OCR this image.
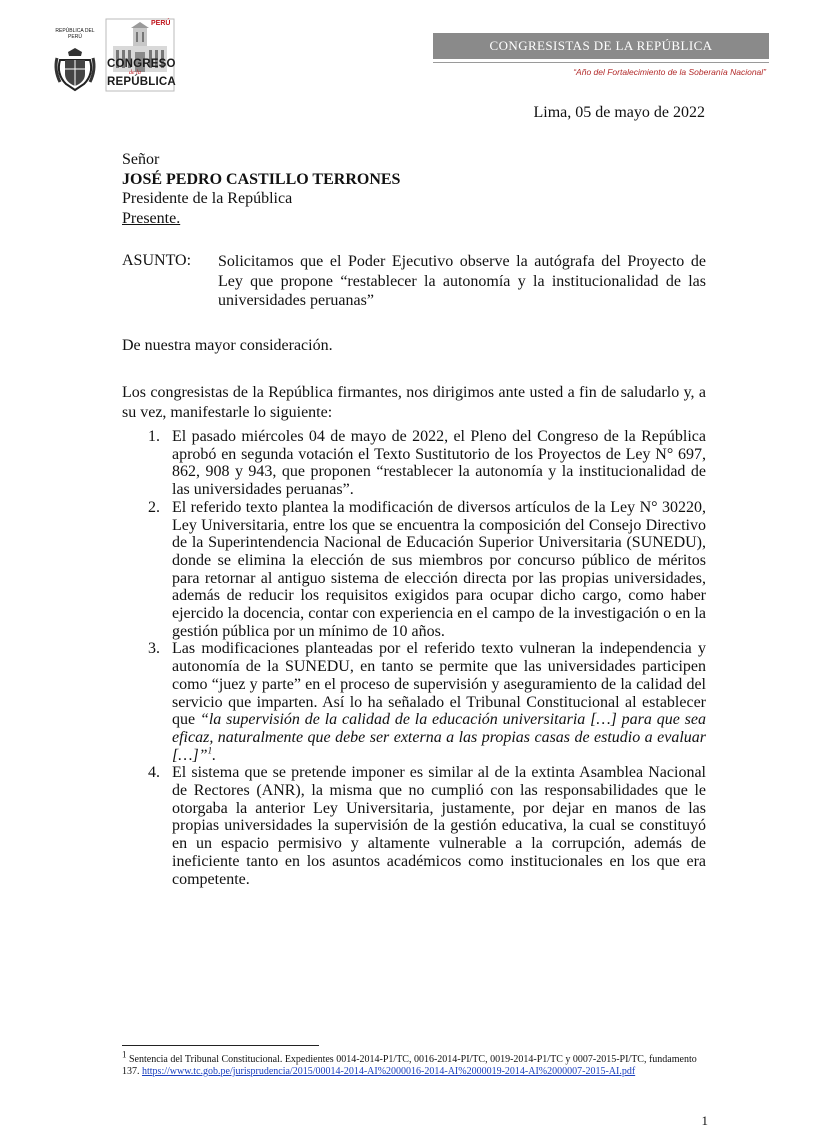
REPÚBLICA DEL PERÚ
PERÚ
CONGRESO
de la
REPÚBLICA
CONGRESISTAS DE LA REPÚBLICA
“Año del Fortalecimiento de la Soberanía Nacional”
Lima, 05 de mayo de 2022
Señor
JOSÉ PEDRO CASTILLO TERRONES
Presidente de la República
Presente.
ASUNTO: Solicitamos que el Poder Ejecutivo observe la autógrafa del Proyecto de Ley que propone “restablecer la autonomía y la institucionalidad de las universidades peruanas”
De nuestra mayor consideración.
Los congresistas de la República firmantes, nos dirigimos ante usted a fin de saludarlo y, a su vez, manifestarle lo siguiente:
1. El pasado miércoles 04 de mayo de 2022, el Pleno del Congreso de la República aprobó en segunda votación el Texto Sustitutorio de los Proyectos de Ley N° 697, 862, 908 y 943, que proponen “restablecer la autonomía y la institucionalidad de las universidades peruanas”.
2. El referido texto plantea la modificación de diversos artículos de la Ley N° 30220, Ley Universitaria, entre los que se encuentra la composición del Consejo Directivo de la Superintendencia Nacional de Educación Superior Universitaria (SUNEDU), donde se elimina la elección de sus miembros por concurso público de méritos para retornar al antiguo sistema de elección directa por las propias universidades, además de reducir los requisitos exigidos para ocupar dicho cargo, como haber ejercido la docencia, contar con experiencia en el campo de la investigación o en la gestión pública por un mínimo de 10 años.
3. Las modificaciones planteadas por el referido texto vulneran la independencia y autonomía de la SUNEDU, en tanto se permite que las universidades participen como “juez y parte” en el proceso de supervisión y aseguramiento de la calidad del servicio que imparten. Así lo ha señalado el Tribunal Constitucional al establecer que “la supervisión de la calidad de la educación universitaria […] para que sea eficaz, naturalmente que debe ser externa a las propias casas de estudio a evaluar […]”$^1$.
4. El sistema que se pretende imponer es similar al de la extinta Asamblea Nacional de Rectores (ANR), la misma que no cumplió con las responsabilidades que le otorgaba la anterior Ley Universitaria, justamente, por dejar en manos de las propias universidades la supervisión de la gestión educativa, la cual se constituyó en un espacio permisivo y altamente vulnerable a la corrupción, además de ineficiente tanto en los asuntos académicos como institucionales en los que era competente.
$^1$ Sentencia del Tribunal Constitucional. Expedientes 0014-2014-P1/TC, 0016-2014-PI/TC, 0019-2014-P1/TC y 0007-2015-PI/TC, fundamento 137. https://www.tc.gob.pe/jurisprudencia/2015/00014-2014-AI%2000016-2014-AI%2000019-2014-AI%2000007-2015-AI.pdf
1
